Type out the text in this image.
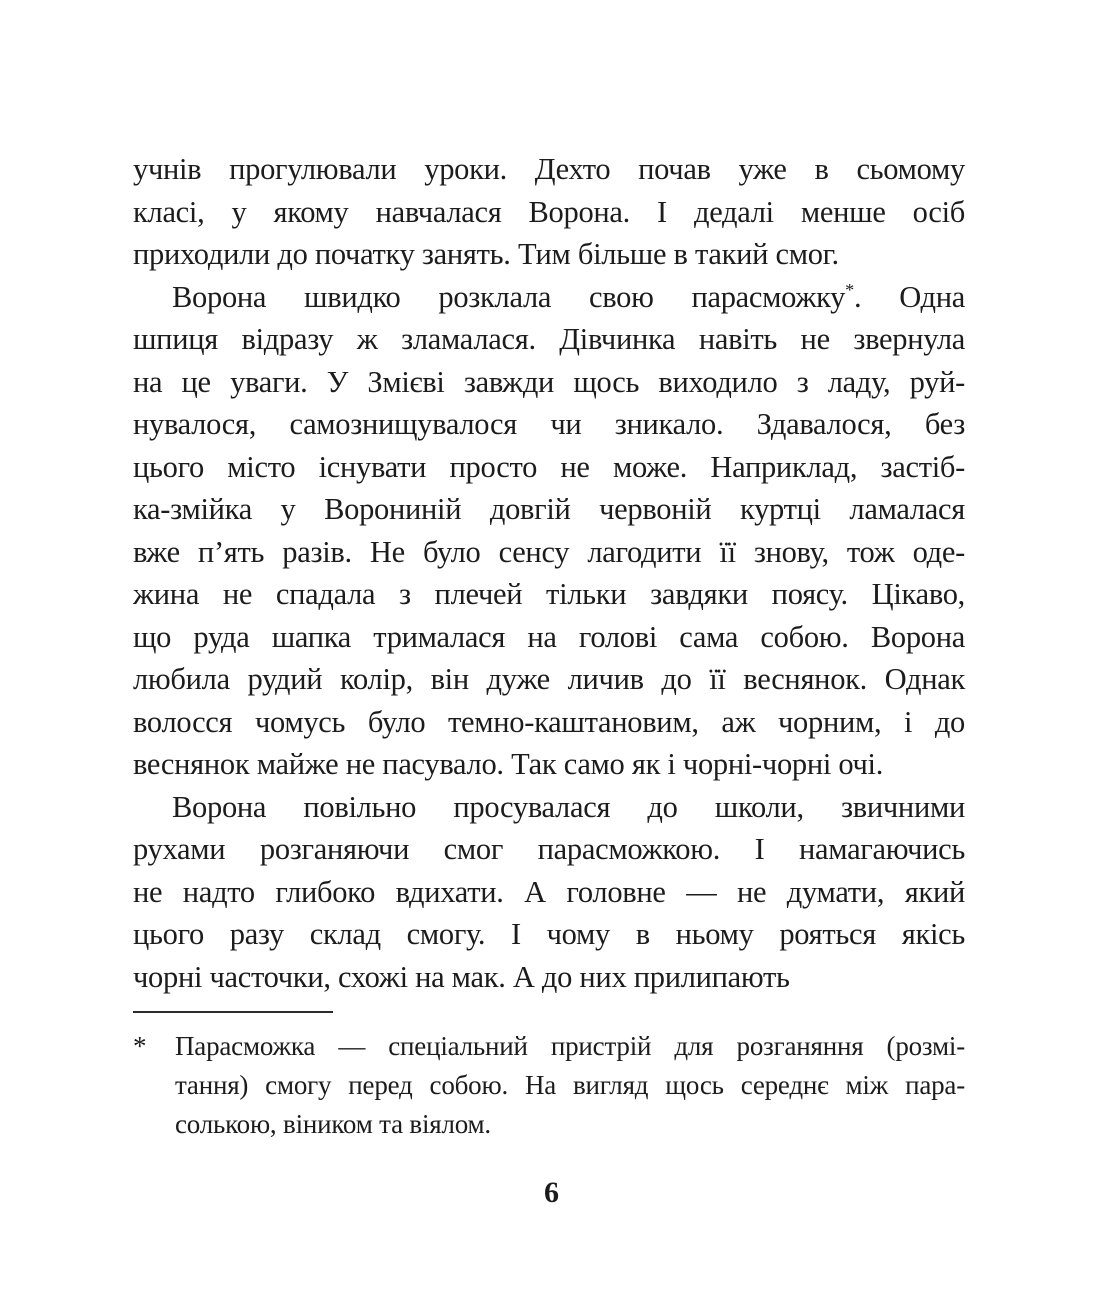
учнів прогулювали уроки. Дехто почав уже в сьомому
класі, у якому навчалася Ворона. І дедалі менше осіб
приходили до початку занять. Тим більше в такий смог.
Ворона швидко розклала свою парасможку*. Одна
шпиця відразу ж зламалася. Дівчинка навіть не звернула
на це уваги. У Змієві завжди щось виходило з ладу, руй-
нувалося, самознищувалося чи зникало. Здавалося, без
цього місто існувати просто не може. Наприклад, застіб-
ка-змійка у Ворониній довгій червоній куртці ламалася
вже п’ять разів. Не було сенсу лагодити її знову, тож оде-
жина не спадала з плечей тільки завдяки поясу. Цікаво,
що руда шапка трималася на голові сама собою. Ворона
любила рудий колір, він дуже личив до її веснянок. Однак
волосся чомусь було темно-каштановим, аж чорним, і до
веснянок майже не пасувало. Так само як і чорні-чорні очі.
Ворона повільно просувалася до школи, звичними
рухами розганяючи смог парасможкою. І намагаючись
не надто глибоко вдихати. А головне — не думати, який
цього разу склад смогу. І чому в ньому рояться якісь
чорні часточки, схожі на мак. А до них прилипають
*	Парасможка — спеціальний пристрій для розганяння (розмі-
тання) смогу перед собою. На вигляд щось середнє між пара-
солькою, віником та віялом.
6
